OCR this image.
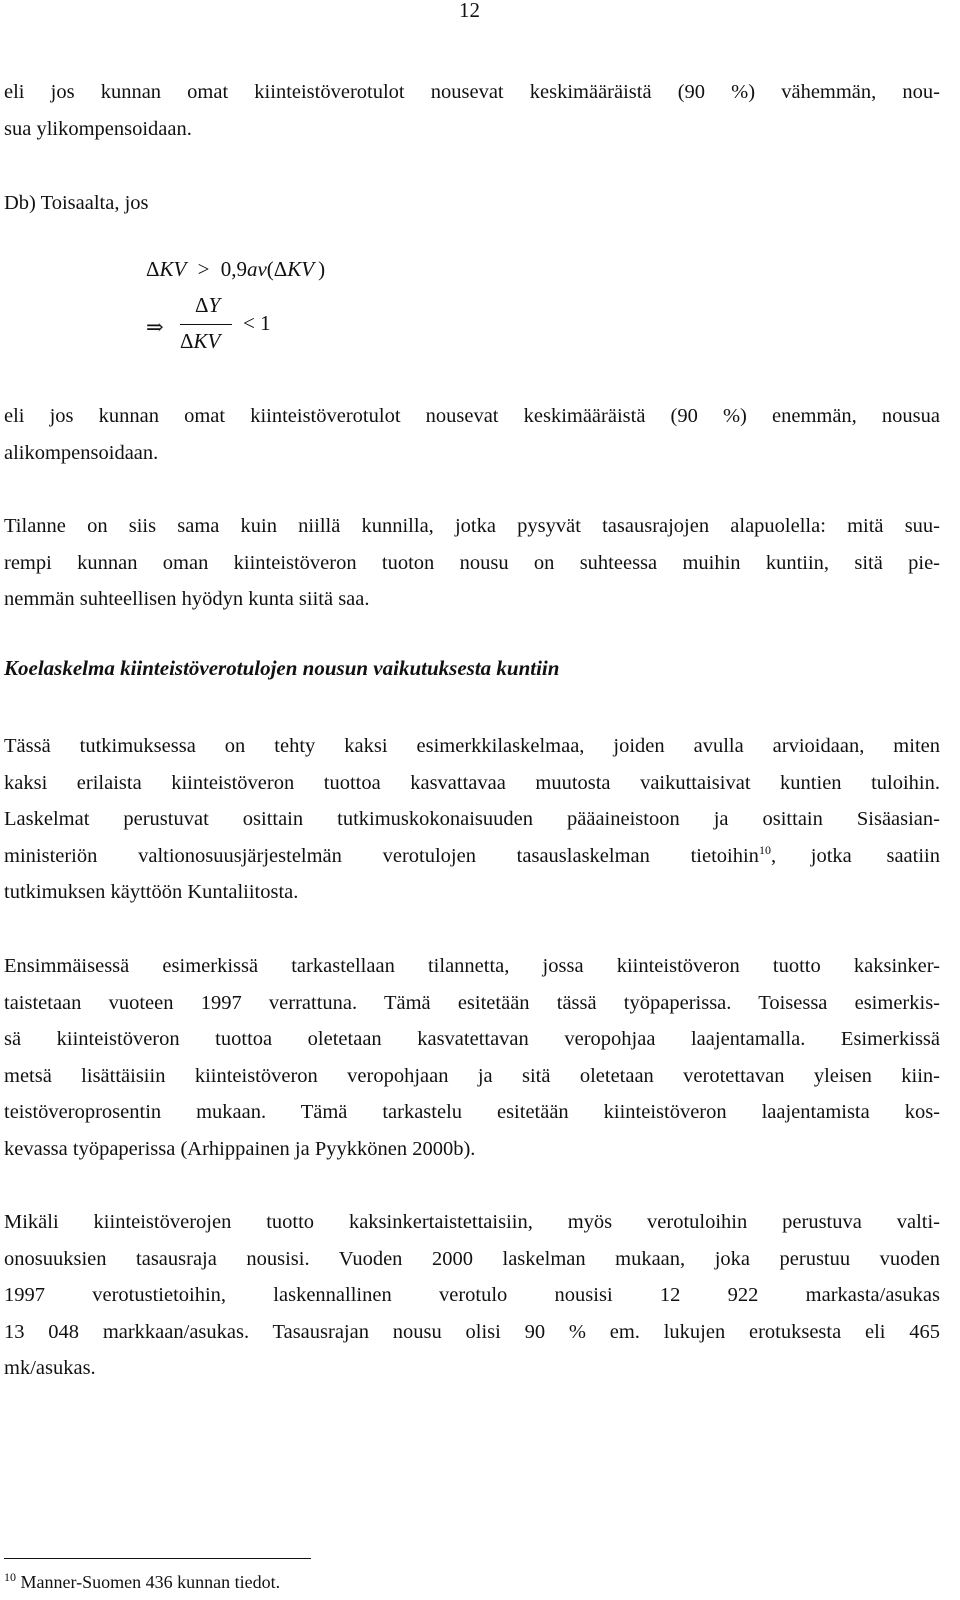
12
eli jos kunnan omat kiinteistöverotulot nousevat keskimääräistä (90 %) vähemmän, nou-
sua ylikompensoidaan.
Db) Toisaalta, jos
ΔKV > 0,9av(ΔKV )
⇒
ΔY
ΔKV
< 1
eli jos kunnan omat kiinteistöverotulot nousevat keskimääräistä (90 %) enemmän, nousua
alikompensoidaan.
Tilanne on siis sama kuin niillä kunnilla, jotka pysyvät tasausrajojen alapuolella: mitä suu-
rempi kunnan oman kiinteistöveron tuoton nousu on suhteessa muihin kuntiin, sitä pie-
nemmän suhteellisen hyödyn kunta siitä saa.
Koelaskelma kiinteistöverotulojen nousun vaikutuksesta kuntiin
Tässä tutkimuksessa on tehty kaksi esimerkkilaskelmaa, joiden avulla arvioidaan, miten
kaksi erilaista kiinteistöveron tuottoa kasvattavaa muutosta vaikuttaisivat kuntien tuloihin.
Laskelmat perustuvat osittain tutkimuskokonaisuuden pääaineistoon ja osittain Sisäasian-
ministeriön valtionosuusjärjestelmän verotulojen tasauslaskelman tietoihin$^{10}$, jotka saatiin
tutkimuksen käyttöön Kuntaliitosta.
Ensimmäisessä esimerkissä tarkastellaan tilannetta, jossa kiinteistöveron tuotto kaksinker-
taistetaan vuoteen 1997 verrattuna. Tämä esitetään tässä työpaperissa. Toisessa esimerkis-
sä kiinteistöveron tuottoa oletetaan kasvatettavan veropohjaa laajentamalla. Esimerkissä
metsä lisättäisiin kiinteistöveron veropohjaan ja sitä oletetaan verotettavan yleisen kiin-
teistöveroprosentin mukaan. Tämä tarkastelu esitetään kiinteistöveron laajentamista kos-
kevassa työpaperissa (Arhippainen ja Pyykkönen 2000b).
Mikäli kiinteistöverojen tuotto kaksinkertaistettaisiin, myös verotuloihin perustuva valti-
onosuuksien tasausraja nousisi. Vuoden 2000 laskelman mukaan, joka perustuu vuoden
1997 verotustietoihin, laskennallinen verotulo nousisi 12 922 markasta/asukas
13 048 markkaan/asukas. Tasausrajan nousu olisi 90 % em. lukujen erotuksesta eli 465
mk/asukas.
$^{10}$ Manner-Suomen 436 kunnan tiedot.
